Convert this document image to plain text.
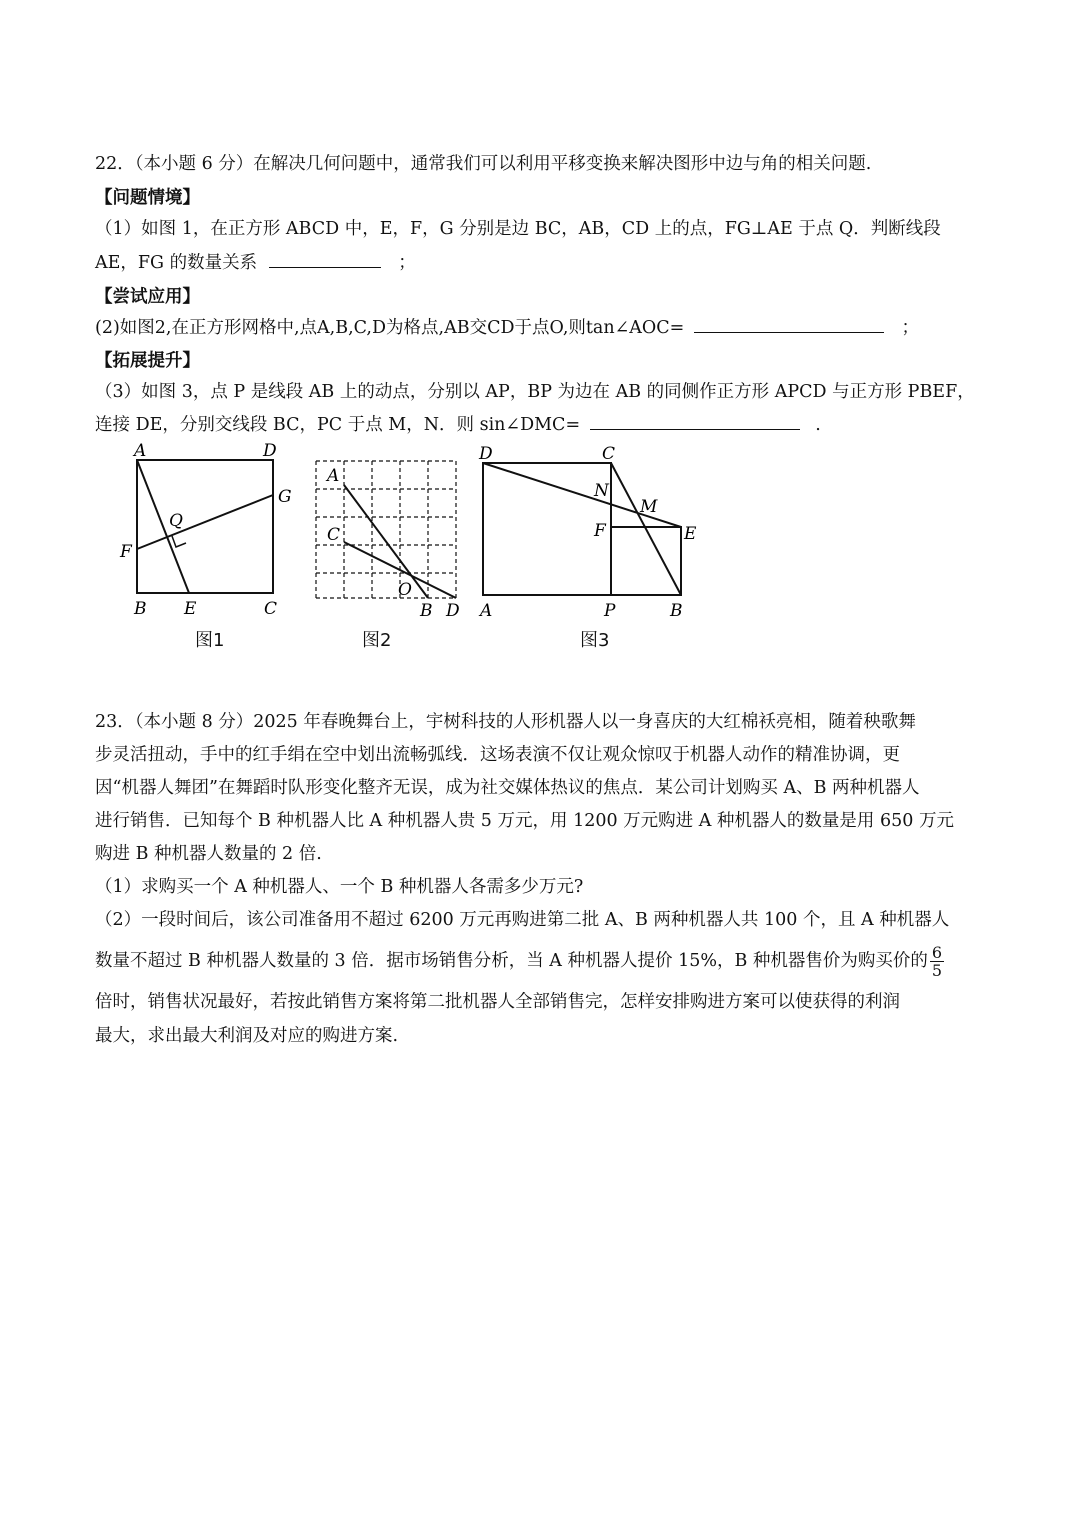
22．（本小题 6 分）在解决几何问题中，通常我们可以利用平移变换来解决图形中边与角的相关问题.
【问题情境】
（1）如图 1，在正方形 ABCD 中，E，F，G 分别是边 BC，AB，CD 上的点，FG⊥AE 于点 Q．判断线段
AE，FG 的数量关系	；
【尝试应用】
(2)如图2,在正方形网格中,点A,B,C,D为格点,AB交CD于点O,则tan∠AOC=	；
【拓展提升】
（3）如图 3，点 P 是线段 AB 上的动点，分别以 AP，BP 为边在 AB 的同侧作正方形 APCD 与正方形 PBEF，
连接 DE，分别交线段 BC，PC 于点 M，N．则 sin∠DMC=	.
A	D
G
Q
F
B E	C
图1
A
C
O
B D
图2
D	C
N
M
F	E
A	P	B
图3
23．（本小题 8 分）2025 年春晚舞台上，宇树科技的人形机器人以一身喜庆的大红棉袄亮相，随着秧歌舞
步灵活扭动，手中的红手绢在空中划出流畅弧线．这场表演不仅让观众惊叹于机器人动作的精准协调，更
因“机器人舞团”在舞蹈时队形变化整齐无误，成为社交媒体热议的焦点．某公司计划购买 A、B 两种机器人
进行销售．已知每个 B 种机器人比 A 种机器人贵 5 万元，用 1200 万元购进 A 种机器人的数量是用 650 万元
购进 B 种机器人数量的 2 倍.
（1）求购买一个 A 种机器人、一个 B 种机器人各需多少万元?
（2）一段时间后，该公司准备用不超过 6200 万元再购进第二批 A、B 两种机器人共 100 个，且 A 种机器人
数量不超过 B 种机器人数量的 3 倍．据市场销售分析，当 A 种机器人提价 15%，B 种机器售价为购买价的 $\frac{6}{5}$
倍时，销售状况最好，若按此销售方案将第二批机器人全部销售完，怎样安排购进方案可以使获得的利润
最大，求出最大利润及对应的购进方案.
